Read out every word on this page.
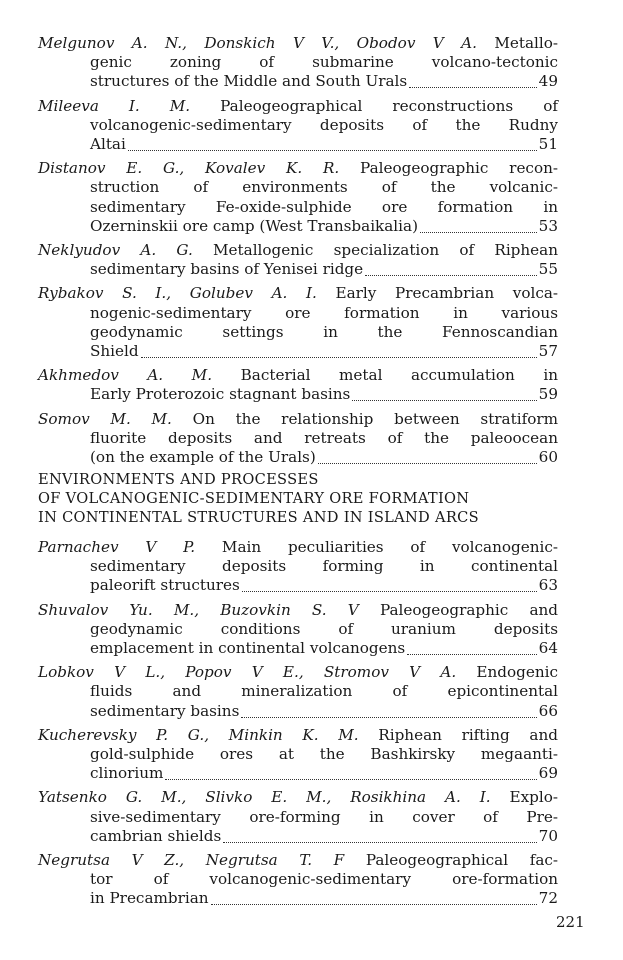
Melgunov A. N., Donskich V V., Obodov V A. Metallo-
genic zoning of submarine volcano-tectonic
structures of the Middle and South Urals	49
Mileeva I. M. Paleogeographical reconstructions of
volcanogenic-sedimentary deposits of the Rudny
Altai	51
Distanov E. G., Kovalev K. R. Paleogeographic recon-
struction of environments of the volcanic-
sedimentary Fe-oxide-sulphide ore formation in
Ozerninskii ore camp (West Transbaikalia)	53
Neklyudov A. G. Metallogenic specialization of Riphean
sedimentary basins of Yenisei ridge	55
Rybakov S. I., Golubev A. I. Early Precambrian volca-
nogenic-sedimentary ore formation in various
geodynamic settings in the Fennoscandian
Shield	57
Akhmedov A. M. Bacterial metal accumulation in
Early Proterozoic stagnant basins	59
Somov M. M. On the relationship between stratiform
fluorite deposits and retreats of the paleoocean
(on the example of the Urals)	60
ENVIRONMENTS AND PROCESSES
OF VOLCANOGENIC-SEDIMENTARY ORE FORMATION
IN CONTINENTAL STRUCTURES AND IN ISLAND ARCS
Parnachev V P. Main peculiarities of volcanogenic-
sedimentary deposits forming in continental
paleorift structures	63
Shuvalov Yu. M., Buzovkin S. V Paleogeographic and
geodynamic conditions of uranium deposits
emplacement in continental volcanogens	64
Lobkov V L., Popov V E., Stromov V A. Endogenic
fluids and mineralization of epicontinental
sedimentary basins	66
Kucherevsky P. G., Minkin K. M. Riphean rifting and
gold-sulphide ores at the Bashkirsky megaanti-
clinorium	69
Yatsenko G. M., Slivko E. M., Rosikhina A. I. Explo-
sive-sedimentary ore-forming in cover of Pre-
cambrian shields	70
Negrutsa V Z., Negrutsa T. F Paleogeographical fac-
tor of volcanogenic-sedimentary ore-formation
in Precambrian	72
221
